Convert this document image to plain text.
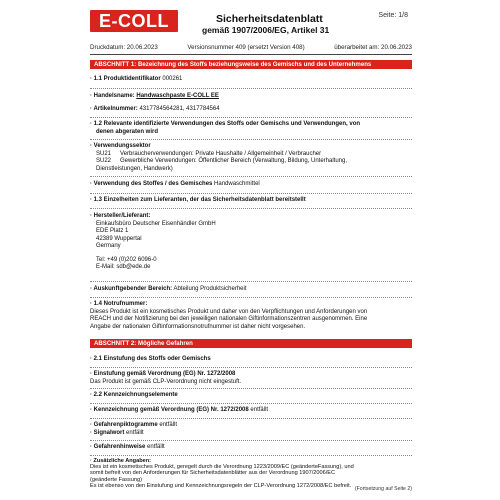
E-COLL	Sicherheitsdatenblatt
gemäß 1907/2006/EG, Artikel 31
Seite: 1/8
Druckdatum: 20.06.2023	Versionsnummer 409 (ersetzt Version 408)	überarbeitet am: 20.06.2023
ABSCHNITT 1: Bezeichnung des Stoffs beziehungsweise des Gemischs und des Unternehmens
· 1.1 Produktidentifikator 000261
· Handelsname: Handwaschpaste E-COLL EE
· Artikelnummer: 4317784564281, 4317784564
· 1.2 Relevante identifizierte Verwendungen des Stoffs oder Gemischs und Verwendungen, von
denen abgeraten wird
· Verwendungssektor
SU21	Verbraucherverwendungen: Private Haushalte / Allgemeinheit / Verbraucher
SU22	Gewerbliche Verwendungen: Öffentlicher Bereich (Verwaltung, Bildung, Unterhaltung,
Dienstleistungen, Handwerk)
· Verwendung des Stoffes / des Gemisches Handwaschmittel
· 1.3 Einzelheiten zum Lieferanten, der das Sicherheitsdatenblatt bereitstellt
· Hersteller/Lieferant:
Einkaufsbüro Deutscher Eisenhändler GmbH
EDE Platz 1
42389 Wuppertal
Germany
Tel: +49 (0)202 6096-0
E-Mail: sdb@ede.de
· Auskunftgebender Bereich: Abteilung Produktsicherheit
· 1.4 Notrufnummer:
Dieses Produkt ist ein kosmetisches Produkt und daher von den Verpflichtungen und Anforderungen von
REACH und der Notifizierung bei den jeweiligen nationalen Giftinformationszentren ausgenommen. Eine
Angabe der nationalen Giftinformationsnotrufnummer ist daher nicht vorgesehen.
ABSCHNITT 2: Mögliche Gefahren
· 2.1 Einstufung des Stoffs oder Gemischs
· Einstufung gemäß Verordnung (EG) Nr. 1272/2008
Das Produkt ist gemäß CLP-Verordnung nicht eingestuft.
· 2.2 Kennzeichnungselemente
· Kennzeichnung gemäß Verordnung (EG) Nr. 1272/2008 entfällt
· Gefahrenpiktogramme entfällt
· Signalwort entfällt
· Gefahrenhinweise entfällt
· Zusätzliche Angaben:
Dies ist ein kosmetisches Produkt, geregelt durch die Verordnung 1223/2009/EC (geänderteFassung), und
somit befreit von den Anforderungen für Sicherheitsdatenblätter aus der Verordnung 1907/2006/EC
(geänderte Fassung)
Es ist ebenso von den Einstufung und Kennzeichnungsregeln der CLP-Verordnung 1272/2008/EC befreit.
(Fortsetzung auf Seite 2)
